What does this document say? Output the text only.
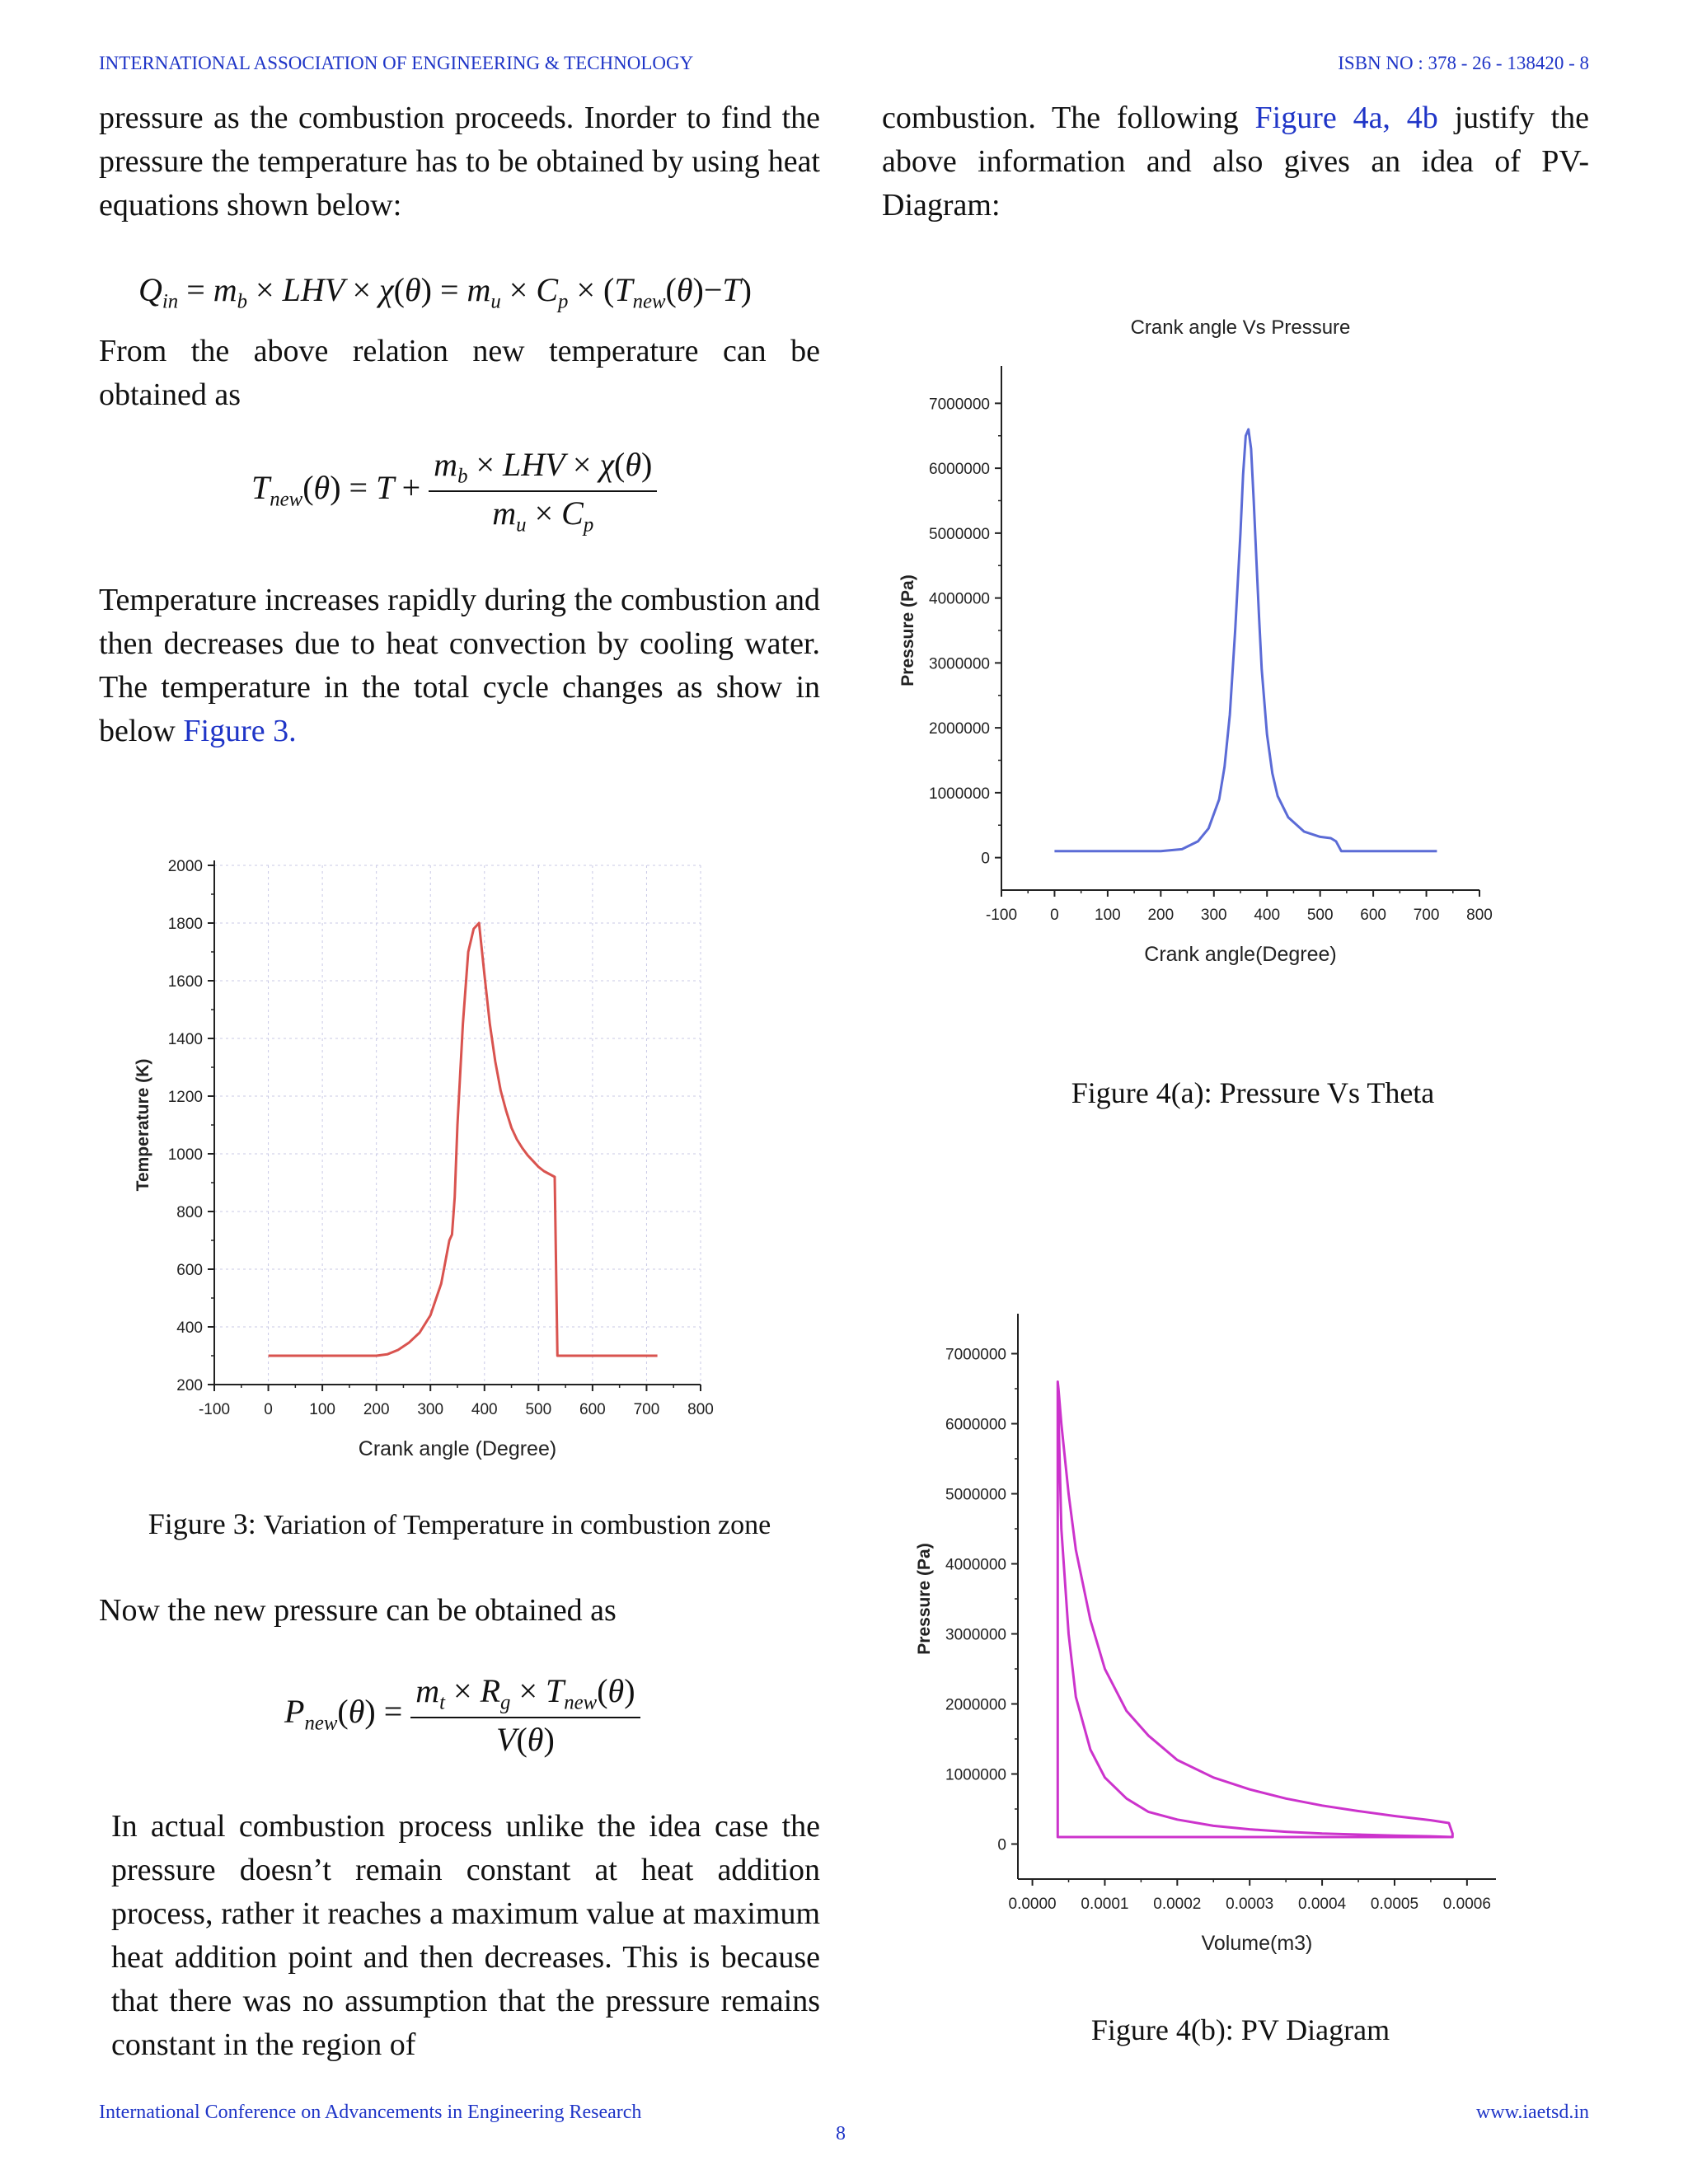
INTERNATIONAL ASSOCIATION OF ENGINEERING & TECHNOLOGY	ISBN NO : 378 - 26 - 138420 - 8
pressure as the combustion proceeds. Inorder to find the pressure the temperature has to be obtained by using heat equations shown below:
$Q_{in} = m_b$ × LHV × $\chi(\theta) = m_u \times C_p \times (T_{new}(\theta)-T)$
From the above relation new temperature can be obtained as
$T_{new}(\theta) = T + \frac{m_b \times LHV \times \chi(\theta)}{m_u \times C_p}$
Temperature increases rapidly during the combustion and then decreases due to heat convection by cooling water. The temperature in the total cycle changes as show in below Figure 3.
-100 0 100 200 300 400 500 600 700 800
200
400
600
800
1000
1200
1400
1600
1800
2000
Crank angle (Degree)
Temperature (K)
Figure 3: Variation of Temperature in combustion zone
Now the new pressure can be obtained as
$P_{new}(\theta) = \frac{m_t \times R_g \times T_{new}(\theta)}{V(\theta)}$
In actual combustion process unlike the idea case the pressure doesn’t remain constant at heat addition process, rather it reaches a maximum value at maximum heat addition point and then decreases. This is because that there was no assumption that the pressure remains constant in the region of
combustion. The following Figure 4a, 4b justify the above information and also gives an idea of PV-Diagram:
Crank angle Vs Pressure
-100 0 100 200 300 400 500 600 700 800
0
1000000
2000000
3000000
4000000
5000000
6000000
7000000
Crank angle(Degree)
Pressure (Pa)
Figure 4(a): Pressure Vs Theta
0.0000 0.0001 0.0002 0.0003 0.0004 0.0005 0.0006
0
1000000
2000000
3000000
4000000
5000000
6000000
7000000
Volume(m3)
Pressure (Pa)
Figure 4(b): PV Diagram
International Conference on Advancements in Engineering Research
8
www.iaetsd.in
